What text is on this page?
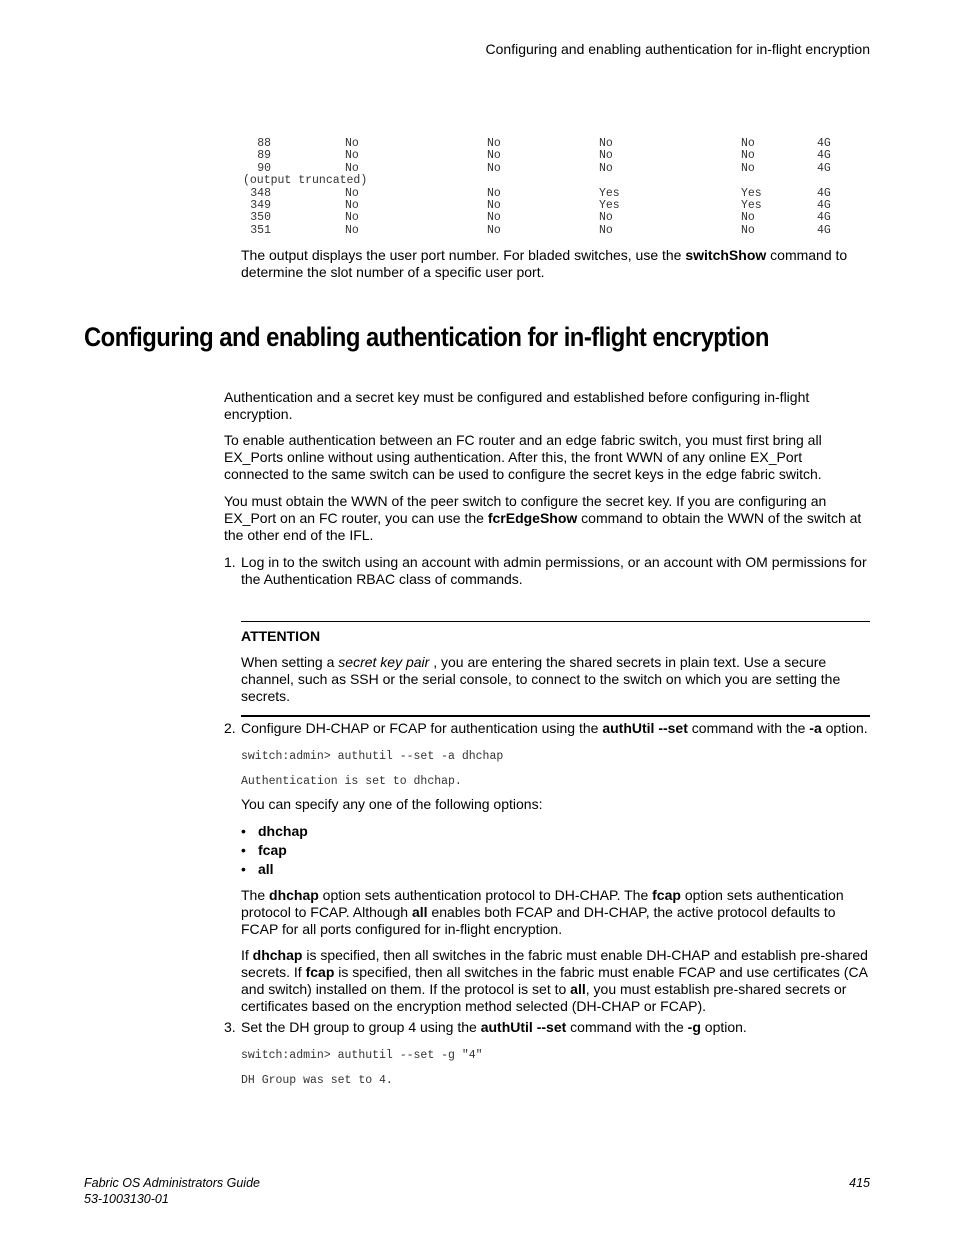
Configuring and enabling authentication for in-flight encryption
88	No	No	No	No	4G
89	No	No	No	No	4G
90	No	No	No	No	4G
(output truncated)
348	No	No	Yes	Yes	4G
349	No	No	Yes	Yes	4G
350	No	No	No	No	4G
351	No	No	No	No	4G

The output displays the user port number. For bladed switches, use the switchShow command to determine the slot number of a specific user port.

Configuring and enabling authentication for in-flight encryption

Authentication and a secret key must be configured and established before configuring in-flight encryption.

To enable authentication between an FC router and an edge fabric switch, you must first bring all EX_Ports online without using authentication. After this, the front WWN of any online EX_Port connected to the same switch can be used to configure the secret keys in the edge fabric switch.

You must obtain the WWN of the peer switch to configure the secret key. If you are configuring an EX_Port on an FC router, you can use the fcrEdgeShow command to obtain the WWN of the switch at the other end of the IFL.

1. Log in to the switch using an account with admin permissions, or an account with OM permissions for the Authentication RBAC class of commands.

ATTENTION

When setting a secret key pair , you are entering the shared secrets in plain text. Use a secure channel, such as SSH or the serial console, to connect to the switch on which you are setting the secrets.

2. Configure DH-CHAP or FCAP for authentication using the authUtil --set command with the -a option.

switch:admin> authutil --set -a dhchap
Authentication is set to dhchap.

You can specify any one of the following options:

• dhchap
• fcap
• all

The dhchap option sets authentication protocol to DH-CHAP. The fcap option sets authentication protocol to FCAP. Although all enables both FCAP and DH-CHAP, the active protocol defaults to FCAP for all ports configured for in-flight encryption.

If dhchap is specified, then all switches in the fabric must enable DH-CHAP and establish pre-shared secrets. If fcap is specified, then all switches in the fabric must enable FCAP and use certificates (CA and switch) installed on them. If the protocol is set to all, you must establish pre-shared secrets or certificates based on the encryption method selected (DH-CHAP or FCAP).

3. Set the DH group to group 4 using the authUtil --set command with the -g option.

switch:admin> authutil --set -g "4"
DH Group was set to 4.
Fabric OS Administrators Guide
53-1003130-01
415
